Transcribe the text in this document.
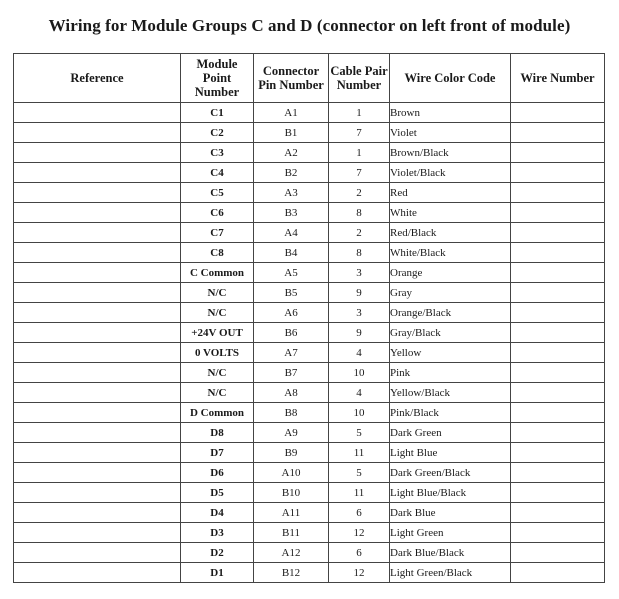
Wiring for Module Groups C and D (connector on left front of module)
Reference	Module Point Number	Connector Pin Number	Cable Pair Number	Wire Color Code	Wire Number
	C1	A1	1	Brown	
	C2	B1	7	Violet	
	C3	A2	1	Brown/Black	
	C4	B2	7	Violet/Black	
	C5	A3	2	Red	
	C6	B3	8	White	
	C7	A4	2	Red/Black	
	C8	B4	8	White/Black	
	C Common	A5	3	Orange	
	N/C	B5	9	Gray	
	N/C	A6	3	Orange/Black	
	+24V OUT	B6	9	Gray/Black	
	0 VOLTS	A7	4	Yellow	
	N/C	B7	10	Pink	
	N/C	A8	4	Yellow/Black	
	D Common	B8	10	Pink/Black	
	D8	A9	5	Dark Green	
	D7	B9	11	Light Blue	
	D6	A10	5	Dark Green/Black	
	D5	B10	11	Light Blue/Black	
	D4	A11	6	Dark Blue	
	D3	B11	12	Light Green	
	D2	A12	6	Dark Blue/Black	
	D1	B12	12	Light Green/Black	
